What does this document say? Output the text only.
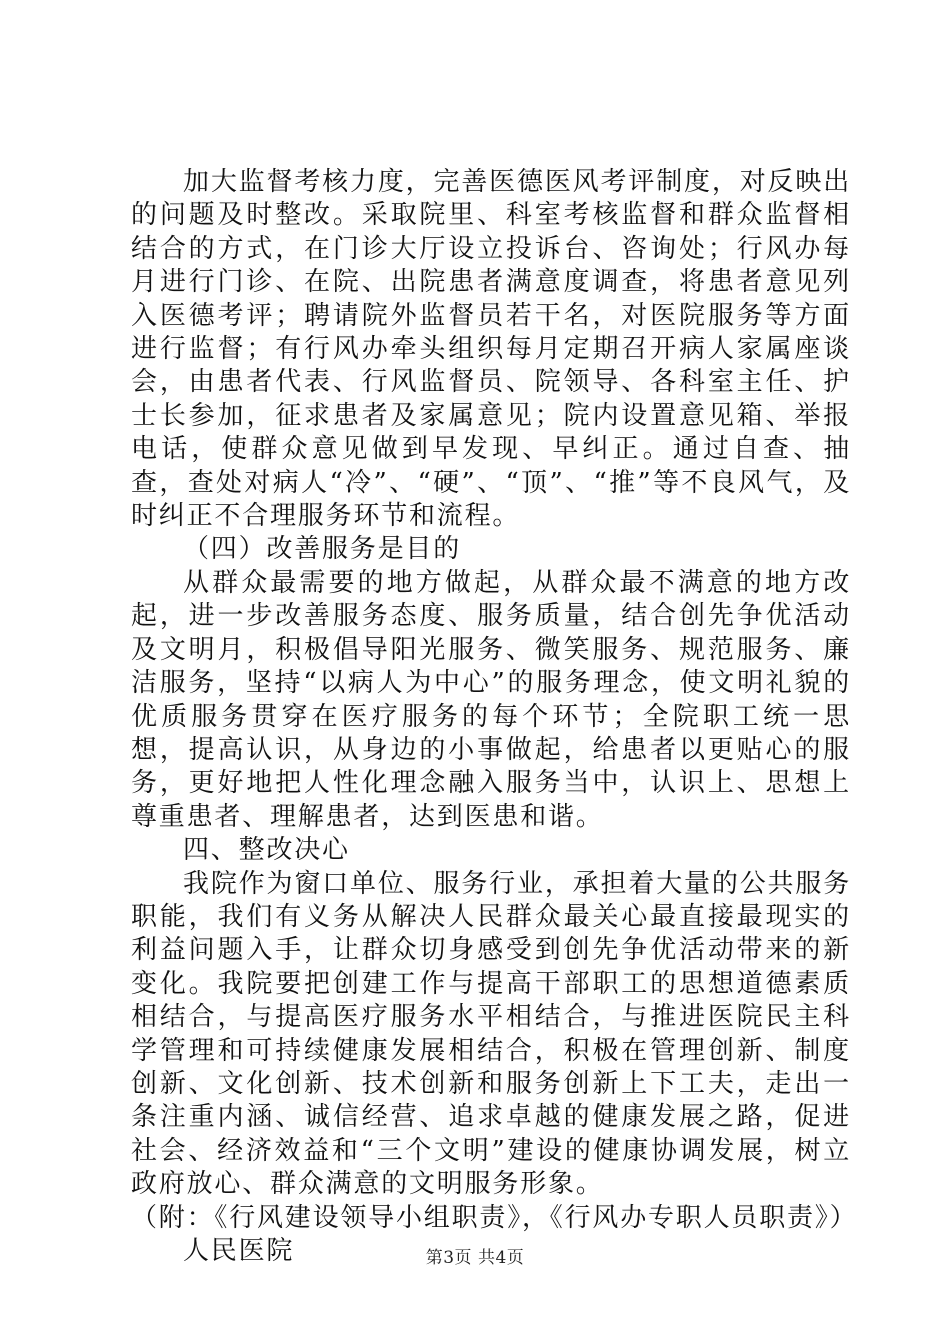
加大监督考核力度，完善医德医风考评制度，对反映出的问题及时整改。采取院里、科室考核监督和群众监督相结合的方式，在门诊大厅设立投诉台、咨询处；行风办每月进行门诊、在院、出院患者满意度调查，将患者意见列入医德考评；聘请院外监督员若干名，对医院服务等方面进行监督；有行风办牵头组织每月定期召开病人家属座谈会，由患者代表、行风监督员、院领导、各科室主任、护士长参加，征求患者及家属意见；院内设置意见箱、举报电话，使群众意见做到早发现、早纠正。通过自查、抽查，查处对病人“冷”、“硬”、“顶”、“推”等不良风气，及时纠正不合理服务环节和流程。

（四）改善服务是目的

从群众最需要的地方做起，从群众最不满意的地方改起，进一步改善服务态度、服务质量，结合创先争优活动及文明月，积极倡导阳光服务、微笑服务、规范服务、廉洁服务，坚持“以病人为中心”的服务理念，使文明礼貌的优质服务贯穿在医疗服务的每个环节；全院职工统一思想，提高认识，从身边的小事做起，给患者以更贴心的服务，更好地把人性化理念融入服务当中，认识上、思想上尊重患者、理解患者，达到医患和谐。

四、整改决心

我院作为窗口单位、服务行业，承担着大量的公共服务职能，我们有义务从解决人民群众最关心最直接最现实的利益问题入手，让群众切身感受到创先争优活动带来的新变化。我院要把创建工作与提高干部职工的思想道德素质相结合，与提高医疗服务水平相结合，与推进医院民主科学管理和可持续健康发展相结合，积极在管理创新、制度创新、文化创新、技术创新和服务创新上下工夫，走出一条注重内涵、诚信经营、追求卓越的健康发展之路，促进社会、经济效益和“三个文明”建设的健康协调发展，树立政府放心、群众满意的文明服务形象。

（附：《行风建设领导小组职责》，《行风办专职人员职责》）

人民医院	第3页 共4页
